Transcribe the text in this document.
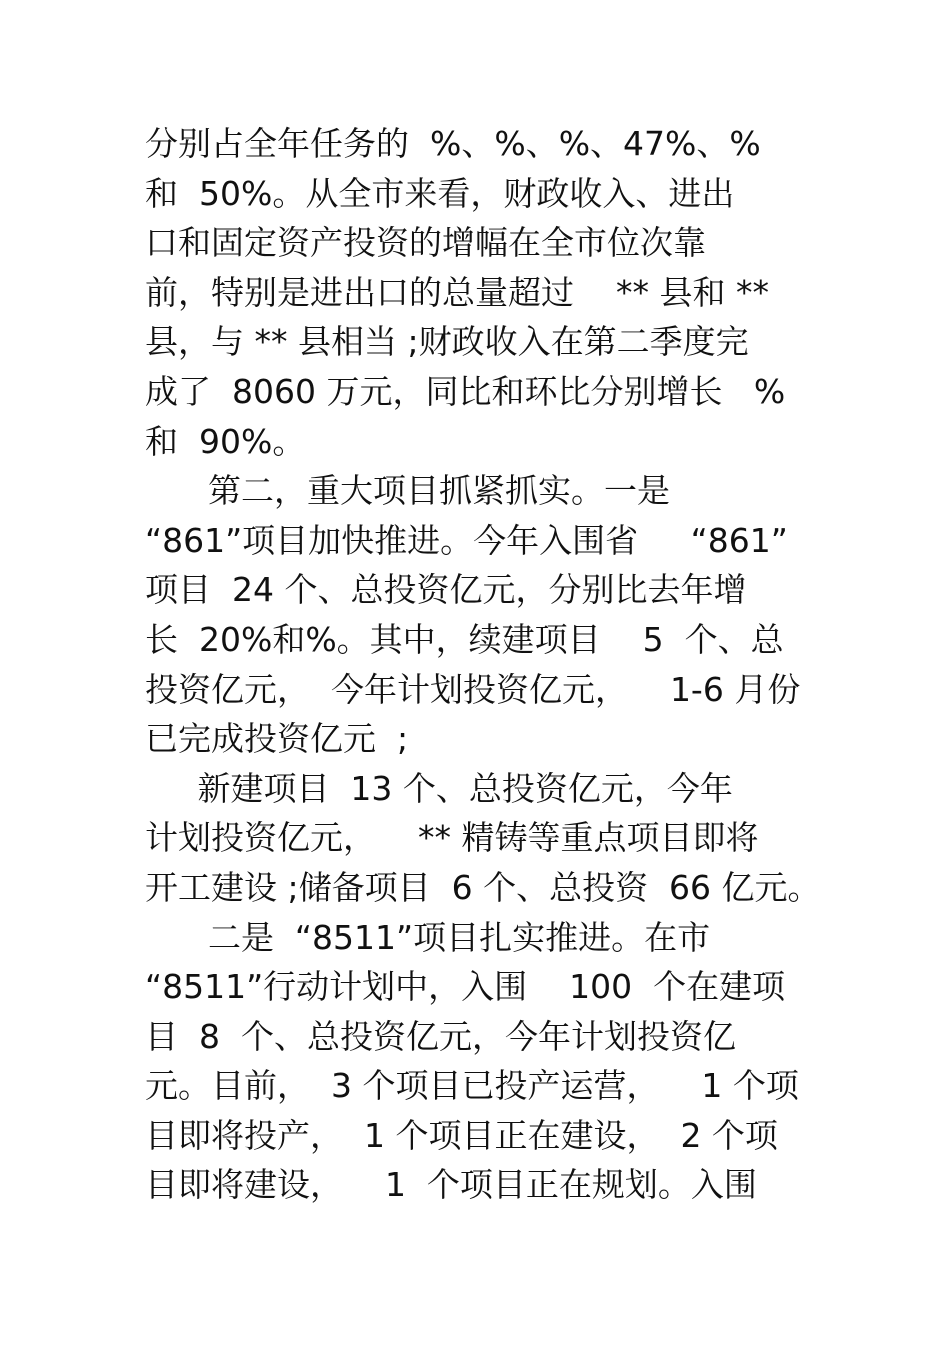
分别占全年任务的  %、%、%、47%、%
和  50%。从全市来看，财政收入、进出
口和固定资产投资的增幅在全市位次靠
前，特别是进出口的总量超过    ** 县和 **
县，与 ** 县相当 ;财政收入在第二季度完
成了  8060 万元，同比和环比分别增长   %
和  90%。
第二，重大项目抓紧抓实。一是
“861”项目加快推进。今年入围省     “861”
项目  24 个、总投资亿元，分别比去年增
长  20%和%。其中，续建项目    5  个、总
投资亿元，  今年计划投资亿元，    1-6 月份
已完成投资亿元  ;
新建项目  13 个、总投资亿元，今年
计划投资亿元，    ** 精铸等重点项目即将
开工建设 ;储备项目  6 个、总投资  66 亿元。
二是  “8511”项目扎实推进。在市
“8511”行动计划中，入围    100  个在建项
目  8  个、总投资亿元，今年计划投资亿
元。目前，  3 个项目已投产运营，    1 个项
目即将投产，  1 个项目正在建设，  2 个项
目即将建设，    1  个项目正在规划。入围
